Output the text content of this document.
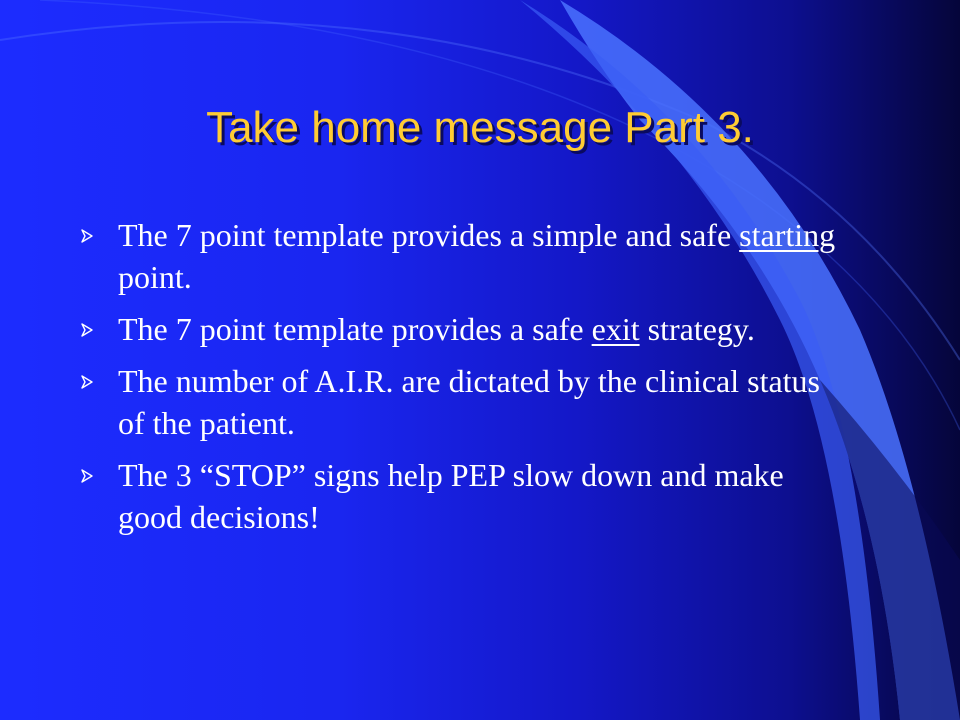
Take home message Part 3.
The 7 point template provides a simple and safe starting point.
The 7 point template provides a safe exit strategy.
The number of A.I.R. are dictated by the clinical status of the patient.
The 3 “STOP” signs help PEP slow down and make good decisions!
